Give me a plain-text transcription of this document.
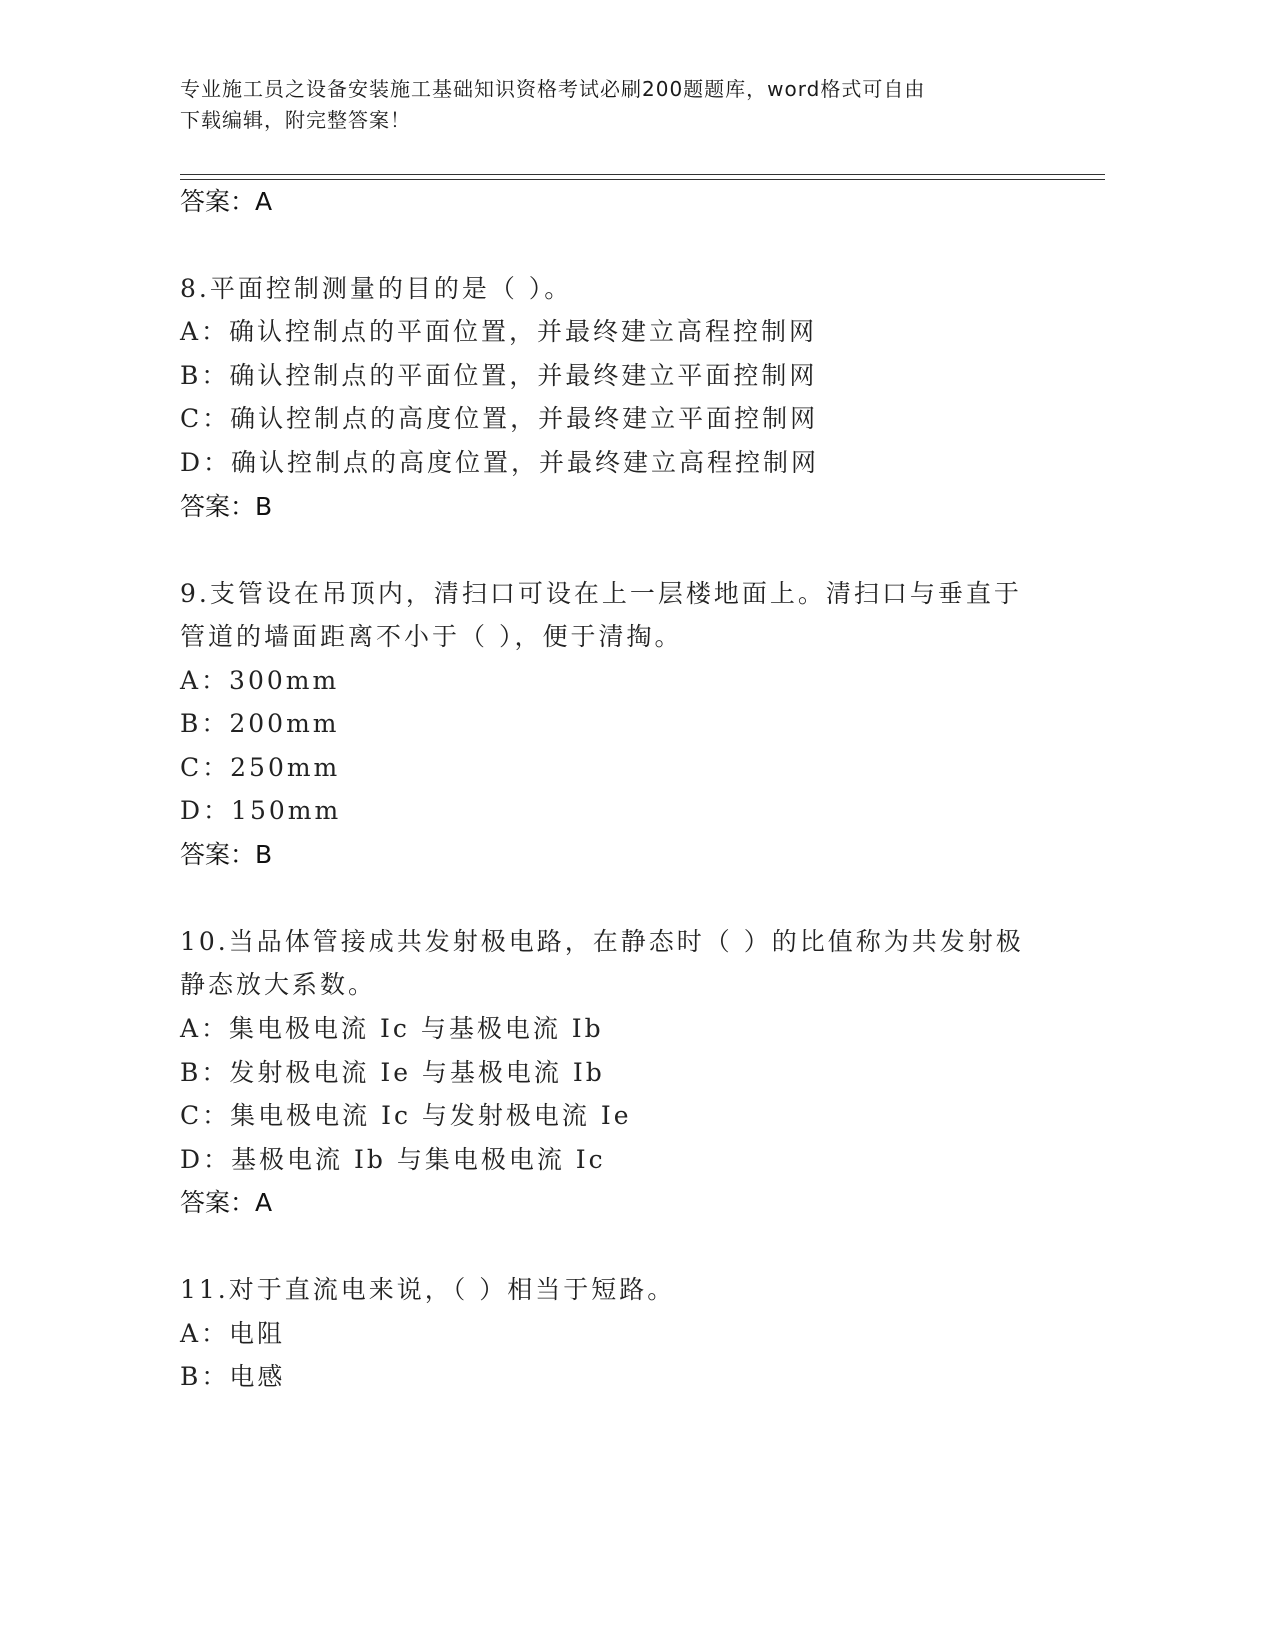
专业施工员之设备安装施工基础知识资格考试必刷200题题库，word格式可自由
下载编辑，附完整答案！
答案：A
8.平面控制测量的目的是（ ）。
A：确认控制点的平面位置，并最终建立高程控制网
B：确认控制点的平面位置，并最终建立平面控制网
C：确认控制点的高度位置，并最终建立平面控制网
D：确认控制点的高度位置，并最终建立高程控制网
答案：B
9.支管设在吊顶内，清扫口可设在上一层楼地面上。清扫口与垂直于
管道的墙面距离不小于（ ），便于清掏。
A：300mm
B：200mm
C：250mm
D：150mm
答案：B
10.当品体管接成共发射极电路，在静态时（ ）的比值称为共发射极
静态放大系数。
A：集电极电流 Ic 与基极电流 Ib
B：发射极电流 Ie 与基极电流 Ib
C：集电极电流 Ic 与发射极电流 Ie
D：基极电流 Ib 与集电极电流 Ic
答案：A
11.对于直流电来说，（ ）相当于短路。
A：电阻
B：电感
